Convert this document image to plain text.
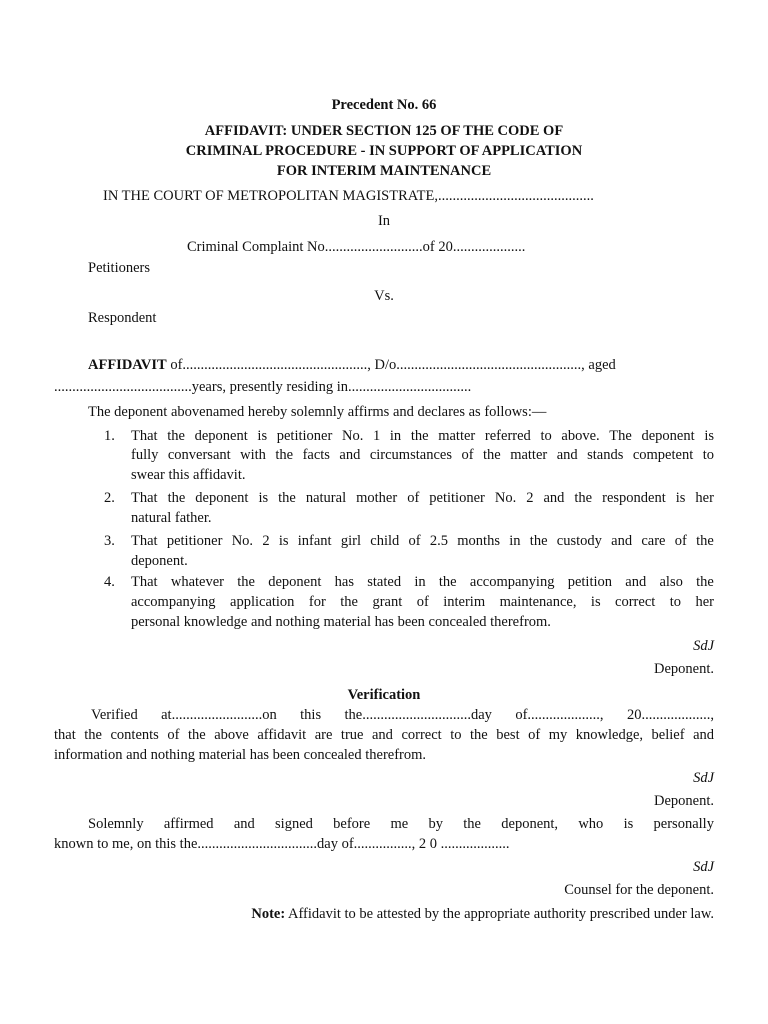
Precedent No. 66
AFFIDAVIT: UNDER SECTION 125 OF THE CODE OF
CRIMINAL PROCEDURE - IN SUPPORT OF APPLICATION
FOR INTERIM MAINTENANCE
IN THE COURT OF METROPOLITAN MAGISTRATE,...........................................
In
Criminal Complaint No...........................of 20....................
Petitioners
Vs.
Respondent
AFFIDAVIT of..................................................., D/o..................................................., aged
......................................years, presently residing in..................................
The deponent abovenamed hereby solemnly affirms and declares as follows:—
1. That the deponent is petitioner No. 1 in the matter referred to above. The deponent is
fully conversant with the facts and circumstances of the matter and stands competent to
swear this affidavit.
2. That the deponent is the natural mother of petitioner No. 2 and the respondent is her
natural father.
3. That petitioner No. 2 is infant girl child of 2.5 months in the custody and care of the
deponent.
4. That whatever the deponent has stated in the accompanying petition and also the
accompanying application for the grant of interim maintenance, is correct to her
personal knowledge and nothing material has been concealed therefrom.
SdJ
Deponent.
Verification
Verified at.........................on this the..............................day of...................., 20...................,
that the contents of the above affidavit are true and correct to the best of my knowledge, belief and
information and nothing material has been concealed therefrom.
SdJ
Deponent.
Solemnly affirmed and signed before me by the deponent, who is personally
known to me, on this the.................................day of................, 2 0 ...................
SdJ
Counsel for the deponent.
Note: Affidavit to be attested by the appropriate authority prescribed under law.
